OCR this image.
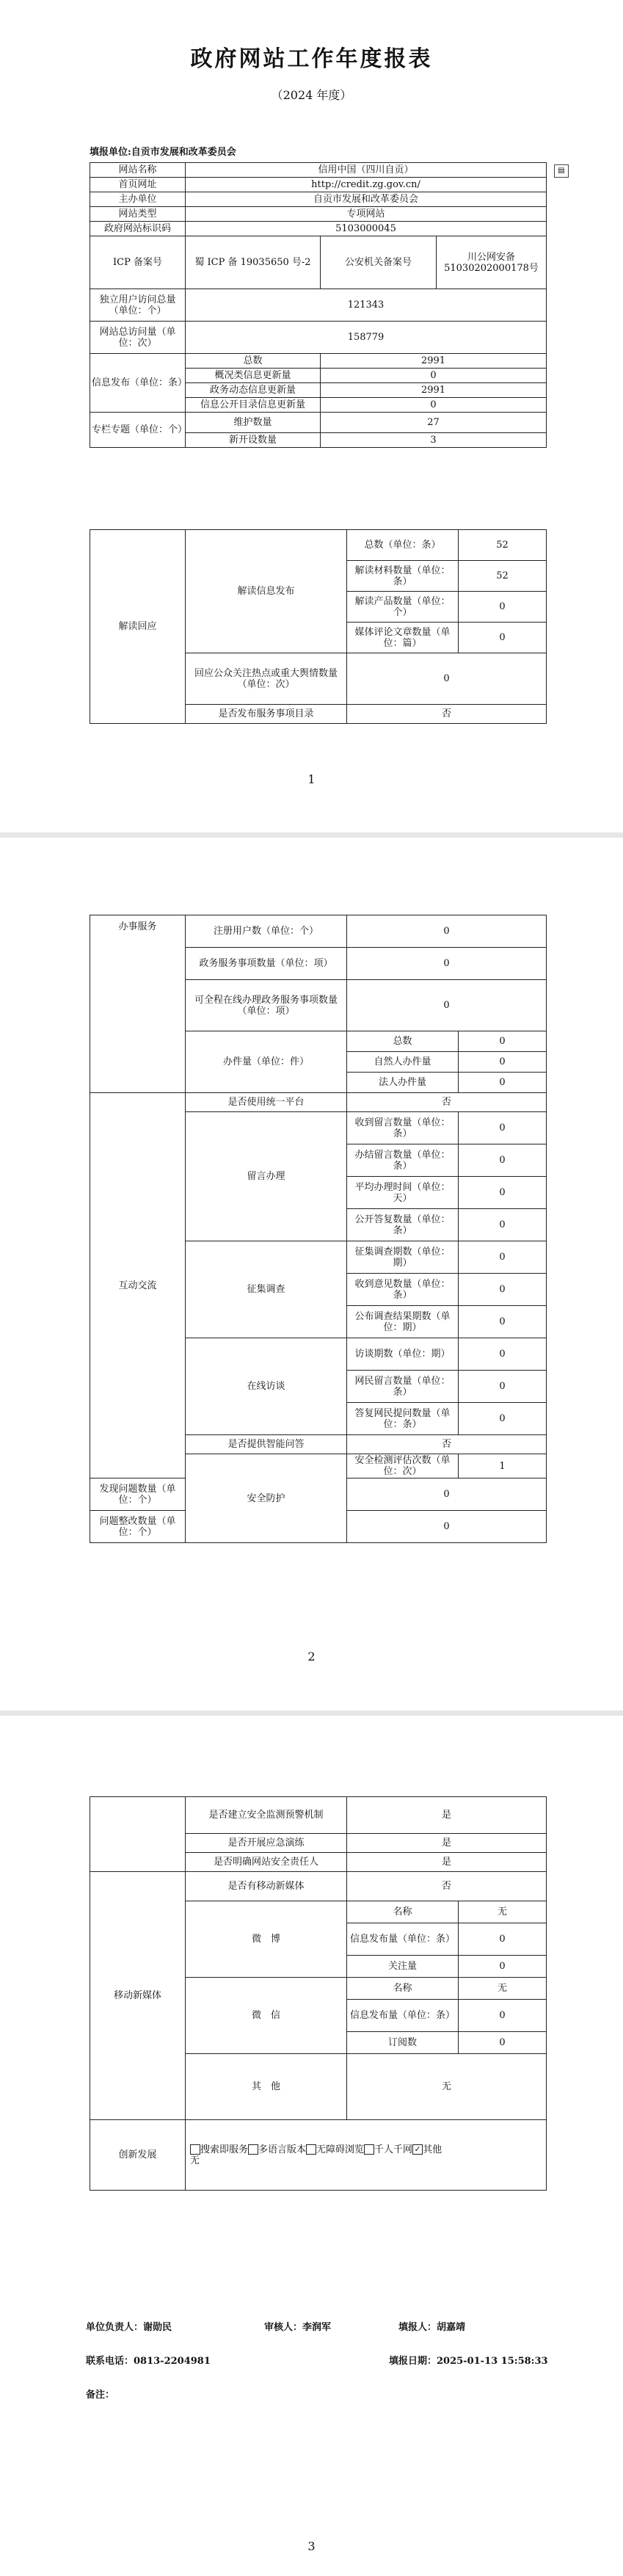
政府网站工作年度报表
（2024 年度）
填报单位:自贡市发展和改革委员会
▤
网站名称	信用中国（四川自贡）		
首页网址	http://credit.zg.gov.cn/		
主办单位	自贡市发展和改革委员会		
网站类型	专项网站		
政府网站标识码	5103000045		
ICP 备案号	蜀 ICP 备 19035650 号-2	公安机关备案号	川公网安备51030202000178号
独立用户访问总量（单位：个）	121343		
网站总访问量（单位：次）	158779		
信息发布（单位：条）	总数	2991	
	概况类信息更新量	0	
	政务动态信息更新量	2991	
	信息公开目录信息更新量	0	
专栏专题（单位：个）	维护数量	27	
	新开设数量	3	
解读回应	解读信息发布	总数（单位：条）	52
		解读材料数量（单位：条）	52
		解读产品数量（单位：个）	0
		媒体评论文章数量（单位：篇）	0
	回应公众关注热点或重大舆情数量（单位：次）	0	
	是否发布服务事项目录	否	
1
办事服务	注册用户数（单位：个）	0	
	政务服务事项数量（单位：项）	0	
	可全程在线办理政务服务事项数量（单位：项）	0	
	办件量（单位：件）	总数	0
		自然人办件量	0
		法人办件量	0
互动交流	是否使用统一平台	否	
	留言办理	收到留言数量（单位：条）	0
		办结留言数量（单位：条）	0
		平均办理时间（单位：天）	0
		公开答复数量（单位：条）	0
	征集调查	征集调查期数（单位：期）	0
		收到意见数量（单位：条）	0
		公布调查结果期数（单位：期）	0
	在线访谈	访谈期数（单位：期）	0
		网民留言数量（单位：条）	0
		答复网民提问数量（单位：条）	0
	是否提供智能问答	否	
	安全防护	安全检测评估次数（单位：次）	1
发现问题数量（单位：个）		0	
问题整改数量（单位：个）		0	
2
	是否建立安全监测预警机制	是	
	是否开展应急演练	是	
	是否明确网站安全责任人	是	
移动新媒体	是否有移动新媒体	否	
	微　博	名称	无
		信息发布量（单位：条）	0
		关注量	0
	微　信	名称	无
		信息发布量（单位：条）	0
		订阅数	0
	其　他	无	
创新发展	搜索即服务 多语言版本 无障碍浏览 千人千网 ✓ 其他
无		
单位负责人：谢勋民	审核人：李润军	填报人：胡嘉靖
联系电话：0813-2204981	填报日期：2025-01-13 15:58:33
备注：
3
